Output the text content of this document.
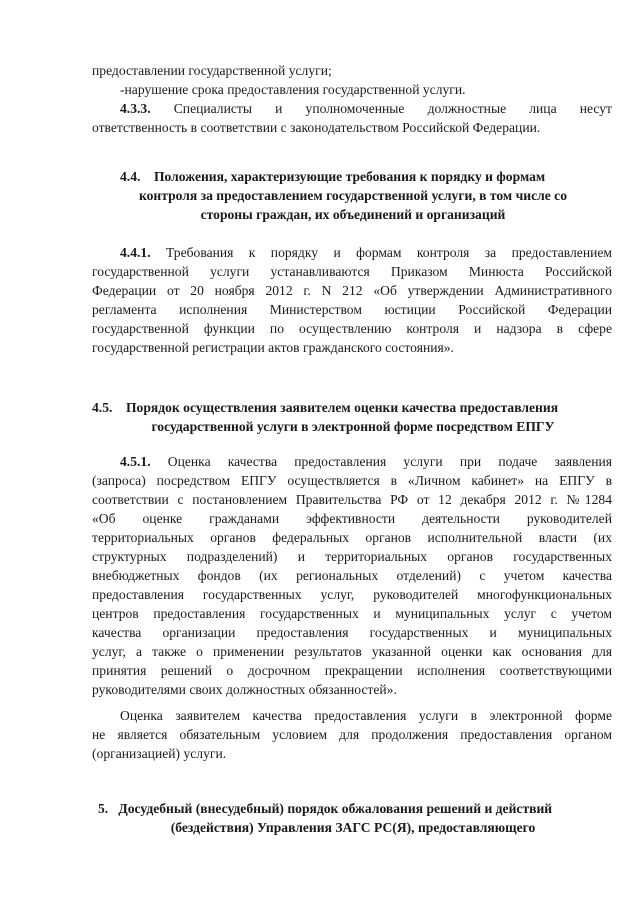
предоставлении государственной услуги;
-нарушение срока предоставления государственной услуги.
4.3.3. Специалисты и уполномоченные должностные лица несут
ответственность в соответствии с законодательством Российской Федерации.
4.4. Положения, характеризующие требования к порядку и формам
контроля за предоставлением государственной услуги, в том числе со
стороны граждан, их объединений и организаций
4.4.1. Требования к порядку и формам контроля за предоставлением
государственной услуги устанавливаются Приказом Минюста Российской
Федерации от 20 ноября 2012 г. N 212 «Об утверждении Административного
регламента исполнения Министерством юстиции Российской Федерации
государственной функции по осуществлению контроля и надзора в сфере
государственной регистрации актов гражданского состояния».
4.5. Порядок осуществления заявителем оценки качества предоставления
государственной услуги в электронной форме посредством ЕПГУ
4.5.1. Оценка качества предоставления услуги при подаче заявления
(запроса) посредством ЕПГУ осуществляется в «Личном кабинет» на ЕПГУ в
соответствии с постановлением Правительства РФ от 12 декабря 2012 г. №1284
«Об оценке гражданами эффективности деятельности руководителей
территориальных органов федеральных органов исполнительной власти (их
структурных подразделений) и территориальных органов государственных
внебюджетных фондов (их региональных отделений) с учетом качества
предоставления государственных услуг, руководителей многофункциональных
центров предоставления государственных и муниципальных услуг с учетом
качества организации предоставления государственных и муниципальных
услуг, а также о применении результатов указанной оценки как основания для
принятия решений о досрочном прекращении исполнения соответствующими
руководителями своих должностных обязанностей».
Оценка заявителем качества предоставления услуги в электронной форме
не является обязательным условием для продолжения предоставления органом
(организацией) услуги.
5. Досудебный (внесудебный) порядок обжалования решений и действий
(бездействия) Управления ЗАГС РС(Я), предоставляющего
